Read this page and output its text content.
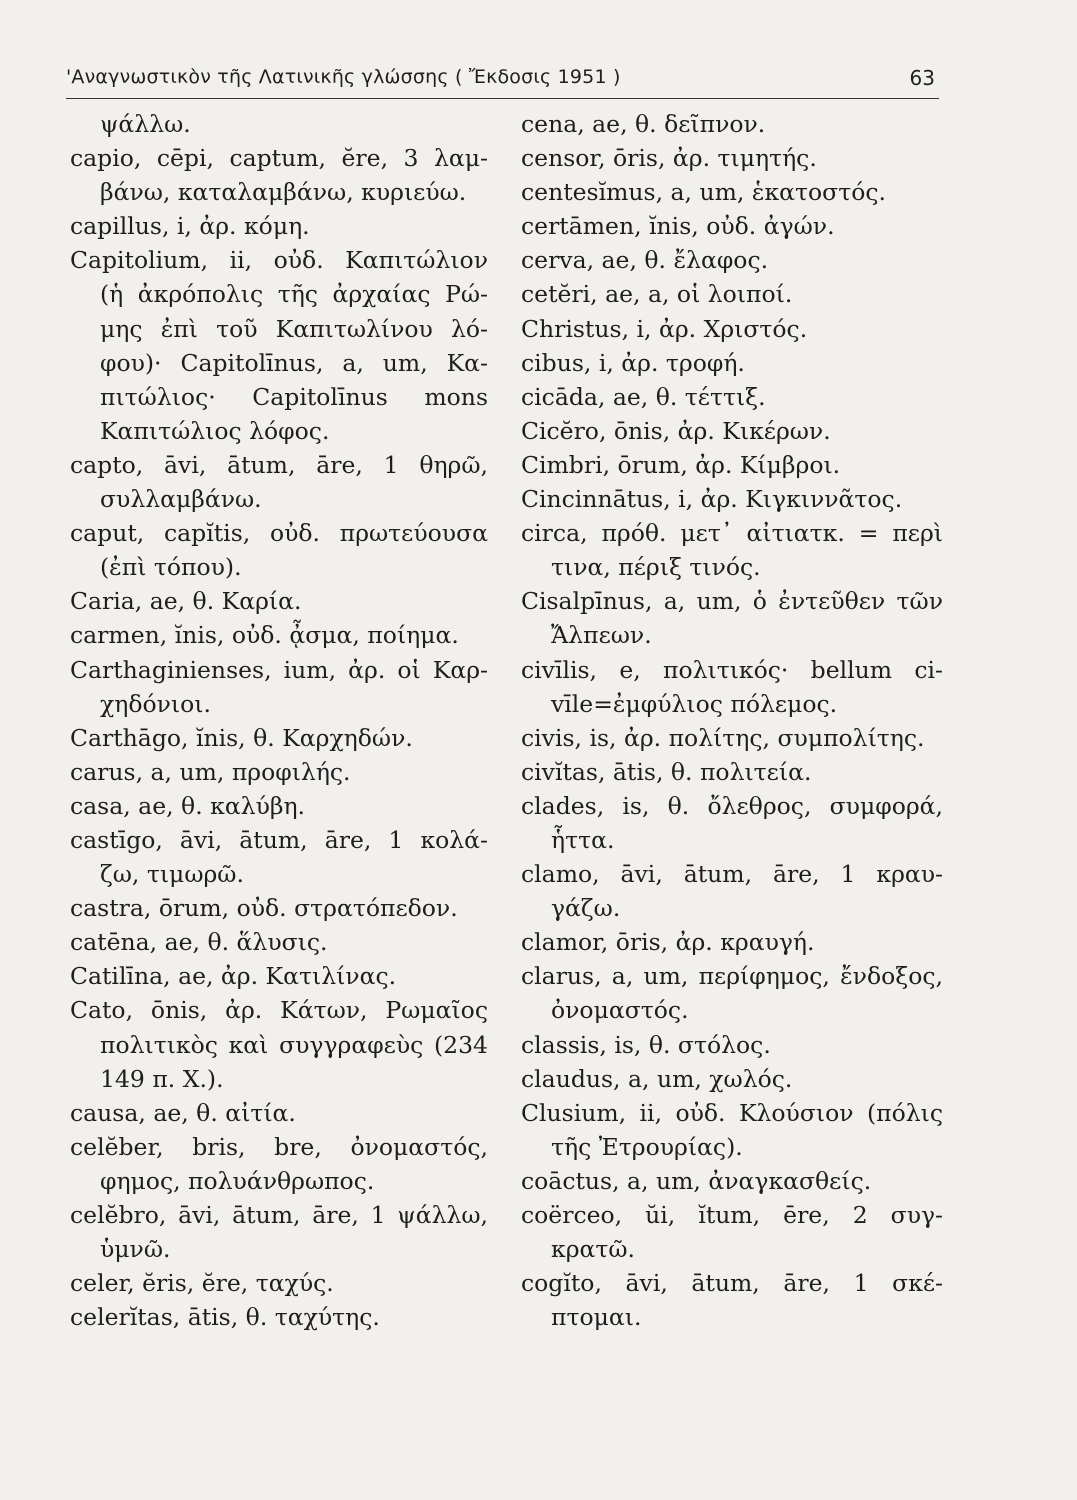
'Αναγνωστικὸν τῆς Λατινικῆς γλώσσης ( Ἔκδοσις 1951 )	63
ψάλλω.
capio, cēpi, captum, ĕre, 3 λαμ-
βάνω, καταλαμβάνω, κυριεύω.
capillus, i, ἀρ. κόμη.
Capitolium, ii, οὐδ. Καπιτώλιον
(ἡ ἀκρόπολις τῆς ἀρχαίας Ρώ-
μης ἐπὶ τοῦ Καπιτωλίνου λό-
φου)· Capitolīnus, a, um, Κα-
πιτώλιος· Capitolīnus mons
Καπιτώλιος λόφος.
capto, āvi, ātum, āre, 1 θηρῶ,
συλλαμβάνω.
caput, capĭtis, οὐδ. πρωτεύουσα
(ἐπὶ τόπου).
Caria, ae, θ. Καρία.
carmen, ĭnis, οὐδ. ᾆσμα, ποίημα.
Carthaginienses, ium, ἀρ. οἱ Καρ-
χηδόνιοι.
Carthāgo, ĭnis, θ. Καρχηδών.
carus, a, um, προφιλής.
casa, ae, θ. καλύβη.
castīgo, āvi, ātum, āre, 1 κολά-
ζω, τιμωρῶ.
castra, ōrum, οὐδ. στρατόπεδον.
catēna, ae, θ. ἅλυσις.
Catilīna, ae, ἀρ. Κατιλίνας.
Cato, ōnis, ἀρ. Κάτων, Ρωμαῖος
πολιτικὸς καὶ συγγραφεὺς (234
149 π. Χ.).
causa, ae, θ. αἰτία.
celĕber, bris, bre, ὀνομαστός,
φημος, πολυάνθρωπος.
celĕbro, āvi, ātum, āre, 1 ψάλλω,
ὑμνῶ.
celer, ĕris, ĕre, ταχύς.
celerĭtas, ātis, θ. ταχύτης.
cena, ae, θ. δεῖπνον.
censor, ōris, ἀρ. τιμητής.
centesĭmus, a, um, ἑκατοστός.
certāmen, ĭnis, οὐδ. ἀγών.
cerva, ae, θ. ἔλαφος.
cetĕri, ae, a, οἱ λοιποί.
Christus, i, ἀρ. Χριστός.
cibus, i, ἀρ. τροφή.
cicāda, ae, θ. τέττιξ.
Cicĕro, ōnis, ἀρ. Κικέρων.
Cimbri, ōrum, ἀρ. Κίμβροι.
Cincinnātus, i, ἀρ. Κιγκιννᾶτος.
circa, πρόθ. μετ᾽ αἰτιατκ. = περὶ
τινα, πέριξ τινός.
Cisalpīnus, a, um, ὁ ἐντεῦθεν τῶν
Ἄλπεων.
civīlis, e, πολιτικός· bellum ci-
vīle=ἐμφύλιος πόλεμος.
civis, is, ἀρ. πολίτης, συμπολίτης.
civĭtas, ātis, θ. πολιτεία.
clades, is, θ. ὄλεθρος, συμφορά,
ἧττα.
clamo, āvi, ātum, āre, 1 κραυ-
γάζω.
clamor, ōris, ἀρ. κραυγή.
clarus, a, um, περίφημος, ἔνδοξος,
ὀνομαστός.
classis, is, θ. στόλος.
claudus, a, um, χωλός.
Clusium, ii, οὐδ. Κλούσιον (πόλις
τῆς Ἐτρουρίας).
coāctus, a, um, ἀναγκασθείς.
coërceo, ŭi, ĭtum, ēre, 2 συγ-
κρατῶ.
cogĭto, āvi, ātum, āre, 1 σκέ-
πτομαι.
